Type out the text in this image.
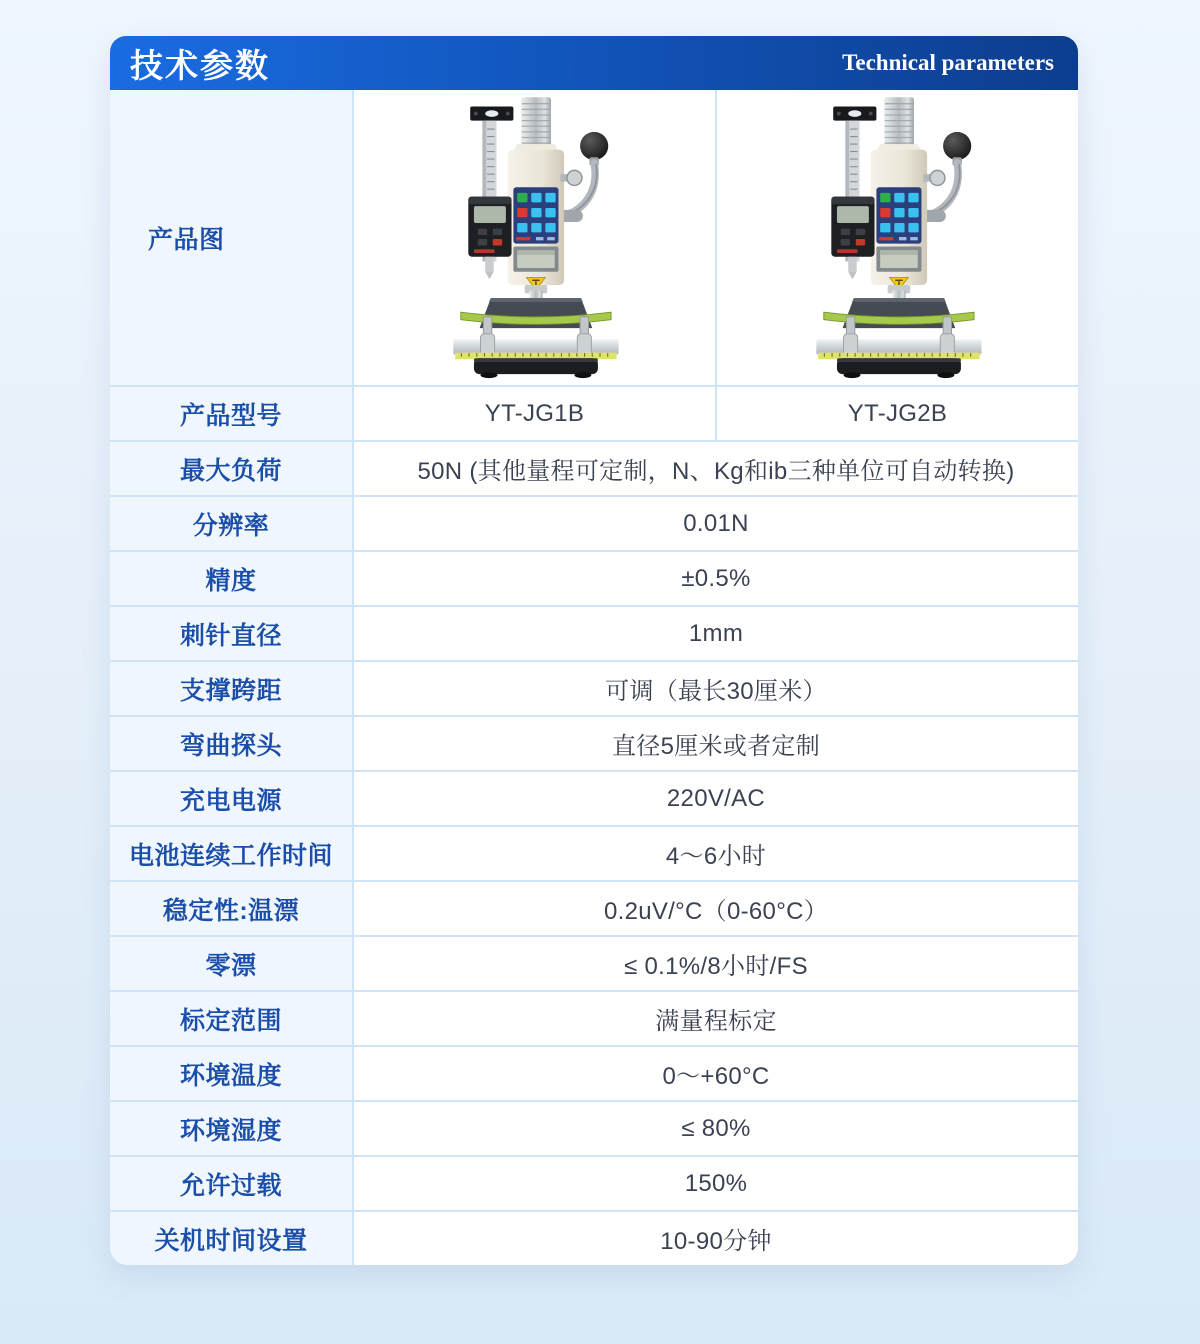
技术参数	Technical parameters
产品图
产品型号	YT-JG1B	YT-JG2B
最大负荷	50N (其他量程可定制，N、Kg和ib三种单位可自动转换)
分辨率	0.01N
精度	±0.5%
刺针直径	1mm
支撑跨距	可调（最长30厘米）
弯曲探头	直径5厘米或者定制
充电电源	220V/AC
电池连续工作时间	4～6小时
稳定性:温漂	0.2uV/°C（0-60°C）
零漂	≤ 0.1%/8小时/FS
标定范围	满量程标定
环境温度	0～+60°C
环境湿度	≤ 80%
允许过载	150%
关机时间设置	10-90分钟
